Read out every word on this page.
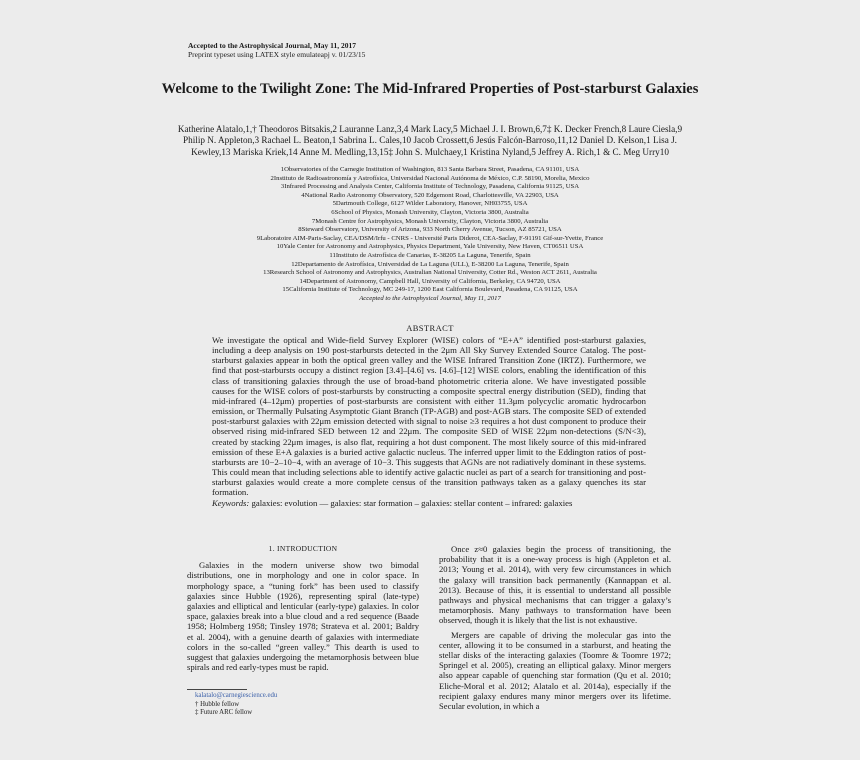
Accepted to the Astrophysical Journal, May 11, 2017
Preprint typeset using LATEX style emulateapj v. 01/23/15
Welcome to the Twilight Zone: The Mid-Infrared Properties of Post-starburst Galaxies
Katherine Alatalo,1,† Theodoros Bitsakis,2 Lauranne Lanz,3,4 Mark Lacy,5 Michael J. I. Brown,6,7‡ K. Decker French,8 Laure Ciesla,9 Philip N. Appleton,3 Rachael L. Beaton,1 Sabrina L. Cales,10 Jacob Crossett,6 Jesús Falcón-Barroso,11,12 Daniel D. Kelson,1 Lisa J. Kewley,13 Mariska Kriek,14 Anne M. Medling,13,15‡ John S. Mulchaey,1 Kristina Nyland,5 Jeffrey A. Rich,1 & C. Meg Urry10
1Observatories of the Carnegie Institution of Washington, 813 Santa Barbara Street, Pasadena, CA 91101, USA
2Instituto de Radioastronomía y Astrofísica, Universidad Nacional Autónoma de México, C.P. 58190, Morelia, Mexico
3Infrared Processing and Analysis Center, California Institute of Technology, Pasadena, California 91125, USA
4National Radio Astronomy Observatory, 520 Edgemont Road, Charlottesville, VA 22903, USA
5Dartmouth College, 6127 Wilder Laboratory, Hanover, NH03755, USA
6School of Physics, Monash University, Clayton, Victoria 3800, Australia
7Monash Centre for Astrophysics, Monash University, Clayton, Victoria 3800, Australia
8Steward Observatory, University of Arizona, 933 North Cherry Avenue, Tucson, AZ 85721, USA
9Laboratoire AIM-Paris-Saclay, CEA/DSM/Irfu - CNRS - Université Paris Diderot, CEA-Saclay, F-91191 Gif-sur-Yvette, France
10Yale Center for Astronomy and Astrophysics, Physics Department, Yale University, New Haven, CT06511 USA
11Instituto de Astrofísica de Canarias, E-38205 La Laguna, Tenerife, Spain
12Departamento de Astrofísica, Universidad de La Laguna (ULL), E-38200 La Laguna, Tenerife, Spain
13Research School of Astronomy and Astrophysics, Australian National University, Cotter Rd., Weston ACT 2611, Australia
14Department of Astronomy, Campbell Hall, University of California, Berkeley, CA 94720, USA
15California Institute of Technology, MC 249-17, 1200 East California Boulevard, Pasadena, CA 91125, USA
Accepted to the Astrophysical Journal, May 11, 2017
ABSTRACT
We investigate the optical and Wide-field Survey Explorer (WISE) colors of “E+A” identified post-starburst galaxies, including a deep analysis on 190 post-starbursts detected in the 2μm All Sky Survey Extended Source Catalog. The post-starburst galaxies appear in both the optical green valley and the WISE Infrared Transition Zone (IRTZ). Furthermore, we find that post-starbursts occupy a distinct region [3.4]–[4.6] vs. [4.6]–[12] WISE colors, enabling the identification of this class of transitioning galaxies through the use of broad-band photometric criteria alone. We have investigated possible causes for the WISE colors of post-starbursts by constructing a composite spectral energy distribution (SED), finding that mid-infrared (4–12μm) properties of post-starbursts are consistent with either 11.3μm polycyclic aromatic hydrocarbon emission, or Thermally Pulsating Asymptotic Giant Branch (TP-AGB) and post-AGB stars. The composite SED of extended post-starburst galaxies with 22μm emission detected with signal to noise ≥3 requires a hot dust component to produce their observed rising mid-infrared SED between 12 and 22μm. The composite SED of WISE 22μm non-detections (S/N<3), created by stacking 22μm images, is also flat, requiring a hot dust component. The most likely source of this mid-infrared emission of these E+A galaxies is a buried active galactic nucleus. The inferred upper limit to the Eddington ratios of post-starbursts are 10−2–10−4, with an average of 10−3. This suggests that AGNs are not radiatively dominant in these systems. This could mean that including selections able to identify active galactic nuclei as part of a search for transitioning and post-starburst galaxies would create a more complete census of the transition pathways taken as a galaxy quenches its star formation.
Keywords: galaxies: evolution — galaxies: star formation – galaxies: stellar content – infrared: galaxies
1. INTRODUCTION

Galaxies in the modern universe show two bimodal distributions, one in morphology and one in color space. In morphology space, a “tuning fork” has been used to classify galaxies since Hubble (1926), representing spiral (late-type) galaxies and elliptical and lenticular (early-type) galaxies. In color space, galaxies break into a blue cloud and a red sequence (Baade 1958; Holmberg 1958; Tinsley 1978; Strateva et al. 2001; Baldry et al. 2004), with a genuine dearth of galaxies with intermediate colors in the so-called “green valley.” This dearth is used to suggest that galaxies undergoing the metamorphosis between blue spirals and red early-types must be rapid.

Once z≈0 galaxies begin the process of transitioning, the probability that it is a one-way process is high (Appleton et al. 2013; Young et al. 2014), with very few circumstances in which the galaxy will transition back permanently (Kannappan et al. 2013). Because of this, it is essential to understand all possible pathways and physical mechanisms that can trigger a galaxy’s metamorphosis. Many pathways to transformation have been observed, though it is likely that the list is not exhaustive.

Mergers are capable of driving the molecular gas into the center, allowing it to be consumed in a starburst, and heating the stellar disks of the interacting galaxies (Toomre & Toomre 1972; Springel et al. 2005), creating an elliptical galaxy. Minor mergers also appear capable of quenching star formation (Qu et al. 2010; Eliche-Moral et al. 2012; Alatalo et al. 2014a), especially if the recipient galaxy endures many minor mergers over its lifetime. Secular evolution, in which a

kalatalo@carnegiescience.edu
† Hubble fellow
‡ Future ARC fellow
